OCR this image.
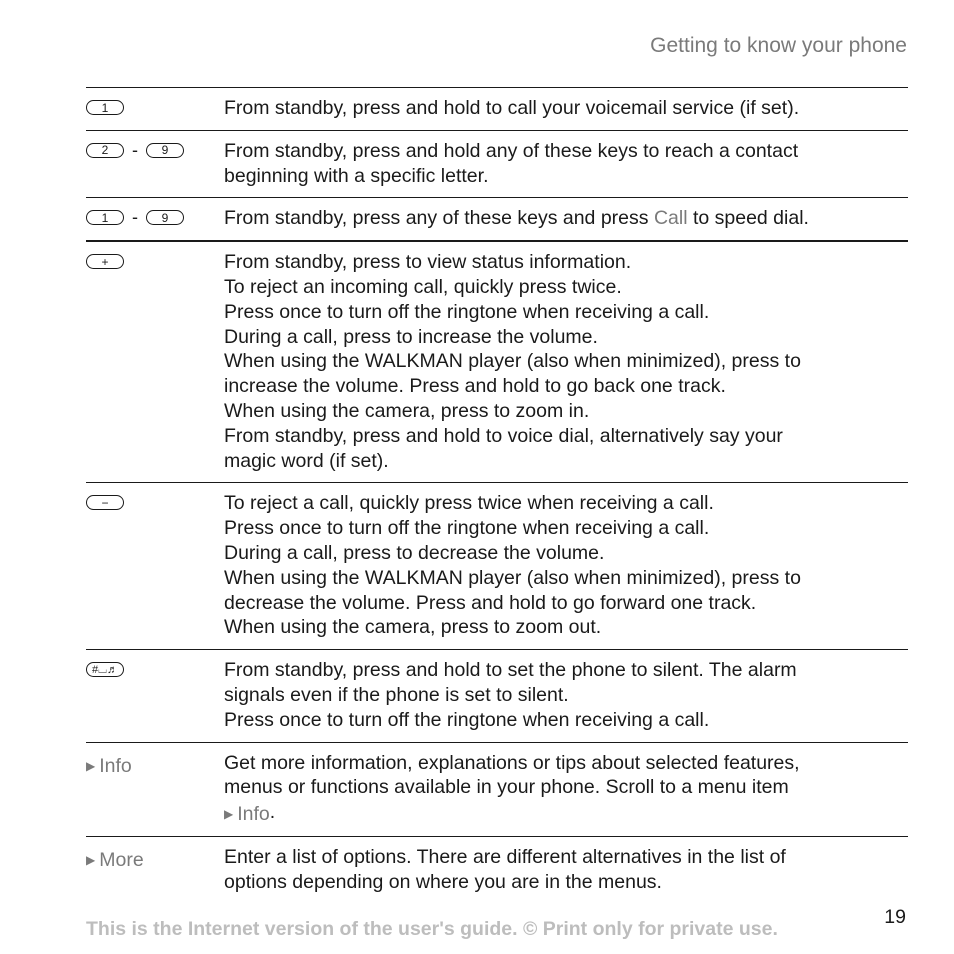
Getting to know your phone
1	From standby, press and hold to call your voicemail service (if set).
2	-	9	From standby, press and hold any of these keys to reach a contact
beginning with a specific letter.
1	-	9	From standby, press any of these keys and press Call to speed dial.
+	From standby, press to view status information.
To reject an incoming call, quickly press twice.
Press once to turn off the ringtone when receiving a call.
During a call, press to increase the volume.
When using the WALKMAN player (also when minimized), press to
increase the volume. Press and hold to go back one track.
When using the camera, press to zoom in.
From standby, press and hold to voice dial, alternatively say your
magic word (if set).
−	To reject a call, quickly press twice when receiving a call.
Press once to turn off the ringtone when receiving a call.
During a call, press to decrease the volume.
When using the WALKMAN player (also when minimized), press to
decrease the volume. Press and hold to go forward one track.
When using the camera, press to zoom out.
#⌴♬	From standby, press and hold to set the phone to silent. The alarm
signals even if the phone is set to silent.
Press once to turn off the ringtone when receiving a call.
▶ Info	Get more information, explanations or tips about selected features,
menus or functions available in your phone. Scroll to a menu item
▶ Info .
▶ More	Enter a list of options. There are different alternatives in the list of
options depending on where you are in the menus.
This is the Internet version of the user's guide. © Print only for private use.
19
